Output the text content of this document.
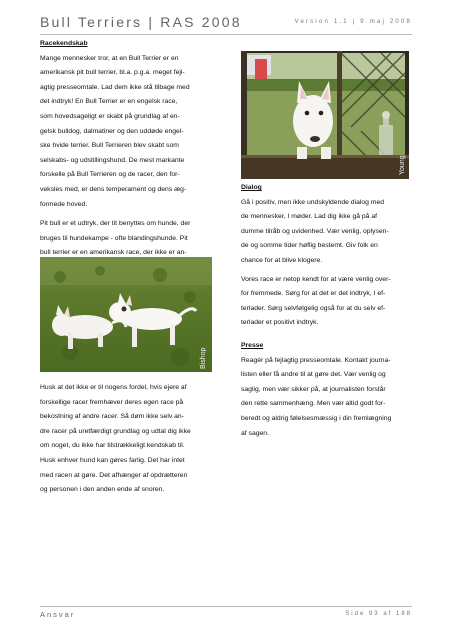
Bull Terriers | RAS 2008	Version 1.1 | 9.maj 2008

Racekendskab

Mange mennesker tror, at en Bull Terrier er en
amerikansk pit bull terrier, bl.a. p.g.a. meget fejl-
agtig presseomtale. Lad dem ikke stå tilbage med
det indtryk! En Bull Terrier er en engelsk race,
som hovedsageligt er skabt på grundlag af en-
gelsk bulldog, dalmatiner og den uddøde engel-
ske hvide terrier. Bull Terrieren blev skabt som
selskabs- og udstillingshund. De mest markante
forskelle på Bull Terrieren og de racer, den for-
veksles med, er dens temperament og dens æg-
formede hoved.

Pit bull er et udtryk, der tit benyttes om hunde, der
bruges til hundekampe - ofte blandingshunde. Pit
bull terrier er en amerikansk race, der ikke er an-

Bishop

Husk at det ikke er til nogens fordel, hvis ejere af
forskellige racer fremhæver deres egen race på
bekostning af andre racer. Så døm ikke selv an-
dre racer på uretfærdigt grundlag og udtal dig ikke
om noget, du ikke har tilstrækkeligt kendskab til.
Husk enhver hund kan gøres farlig. Det har intet
med racen at gøre. Det afhænger af opdrætteren
og personen i den anden ende af snoren.

Young

Dialog

Gå i positiv, men ikke undskyldende dialog med
de mennesker, I møder. Lad dig ikke gå på af
dumme tilråb og uvidenhed. Vær venlig, oplysen-
de og somme tider høflig bestemt. Giv folk en
chance for at blive klogere.

Vores race er netop kendt for at være venlig over-
for fremmede. Sørg for at det er det indtryk, I ef-
terlader. Sørg selvfølgelig også for at du selv ef-
terlader et positivt indtryk.

Presse

Reagér på fejlagtig presseomtale. Kontakt journa-
listen eller få andre til at gøre det. Vær venlig og
saglig, men vær sikker på, at journalisten forstår
den rette sammenhæng. Men vær altid godt for-
beredt og aldrig følelsesmæssig i din fremlægning
af sagen.

Ansvar	Side 93 af 188
